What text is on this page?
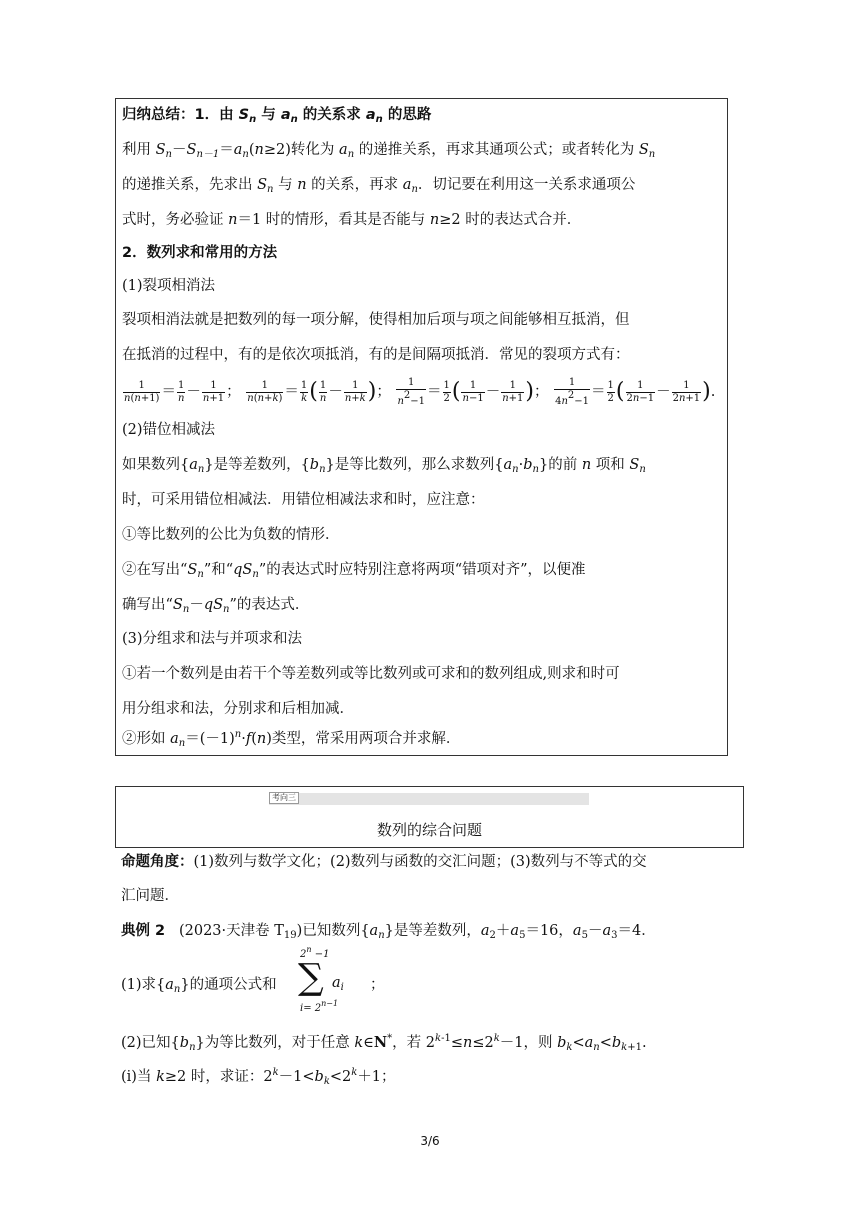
归纳总结：1．由 $S_n$ 与 $a_n$ 的关系求 $a_n$ 的思路
利用 $S_n-S_{n-1}=a_n(n\ge 2)$转化为 $a_n$ 的递推关系，再求其通项公式；或者转化为 $S_n$
的递推关系，先求出 $S_n$ 与 n 的关系，再求 $a_n$．切记要在利用这一关系求通项公
式时，务必验证 n＝1 时的情形，看其是否能与 n≥2 时的表达式合并．
2．数列求和常用的方法
(1)裂项相消法
裂项相消法就是把数列的每一项分解，使得相加后项与项之间能够相互抵消，但
在抵消的过程中，有的是依次项抵消，有的是间隔项抵消．常见的裂项方式有：
$\frac{1}{n(n+1)} = \frac{1}{n} - \frac{1}{n+1}$ ； $\frac{1}{n(n+k)} = \frac{1}{k}$ ( $\frac{1}{n} - \frac{1}{n+k}$ )； $\frac{1}{n2-1} = \frac{1}{2}$ ( $\frac{1}{n-1} - \frac{1}{n+1}$ )； $\frac{1}{4n2-1} = \frac{1}{2}$ ( $\frac{1}{2n-1} - \frac{1}{2n+1}$ ).
(2)错位相减法
如果数列$\{a_n\}$是等差数列，$\{b_n\}$是等比数列，那么求数列$\{a_n\cdot b_n\}$的前 n 项和 $S_n$
时，可采用错位相减法．用错位相减法求和时，应注意：
①等比数列的公比为负数的情形．
②在写出“$S_n$”和“$qS_n$”的表达式时应特别注意将两项“错项对齐”，以便准
确写出“$S_n-qS_n$”的表达式．
(3)分组求和法与并项求和法
①若一个数列是由若干个等差数列或等比数列或可求和的数列组成,则求和时可
用分组求和法，分别求和后相加减．
②形如 $a_n=(-1)^n\cdot f(n)$类型，常采用两项合并求解．
考向三
数列的综合问题
命题角度：(1)数列与数学文化；(2)数列与函数的交汇问题；(3)数列与不等式的交
汇问题．
典例 2 (2023·天津卷 $T_{19}$)已知数列$\{a_n\}$是等差数列，$a_2+a_5=16$，$a_5-a_3=4$．
(1)求$\{a_n\}$的通项公式和
$2^n -1$
∑
$i= 2^{n-1}$
$a_i$ ；
(2)已知$\{b_n\}$为等比数列，对于任意 k∈N*，若 $2^{k-1}\le n\le 2^k-1$，则 $b_k<a_n<b_{k+1}$.
(ⅰ)当 k≥2 时，求证：$2^k-1<b_k<2^k+1$；
3/6
